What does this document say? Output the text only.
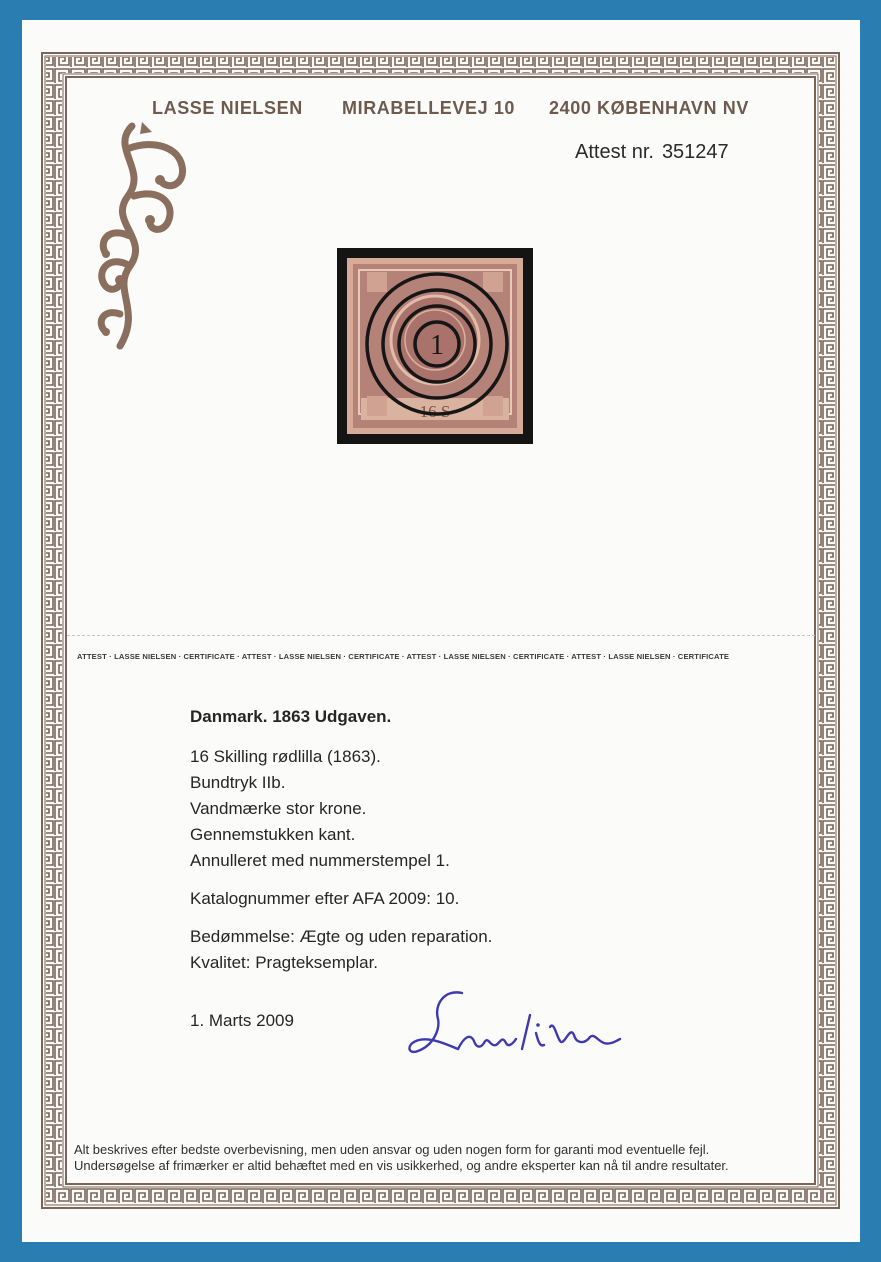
LASSE NIELSEN MIRABELLEVEJ 10 2400 KØBENHAVN NV
Attest nr. 351247
16 S
1
ATTEST · LASSE NIELSEN · CERTIFICATE · ATTEST · LASSE NIELSEN · CERTIFICATE · ATTEST · LASSE NIELSEN · CERTIFICATE · ATTEST · LASSE NIELSEN · CERTIFICATE
Danmark. 1863 Udgaven.
16 Skilling rødlilla (1863).
Bundtryk IIb.
Vandmærke stor krone.
Gennemstukken kant.
Annulleret med nummerstempel 1.
Katalognummer efter AFA 2009: 10.
Bedømmelse: Ægte og uden reparation.
Kvalitet: Pragteksemplar.
1. Marts 2009
Alt beskrives efter bedste overbevisning, men uden ansvar og uden nogen form for garanti mod eventuelle fejl.
Undersøgelse af frimærker er altid behæftet med en vis usikkerhed, og andre eksperter kan nå til andre resultater.
